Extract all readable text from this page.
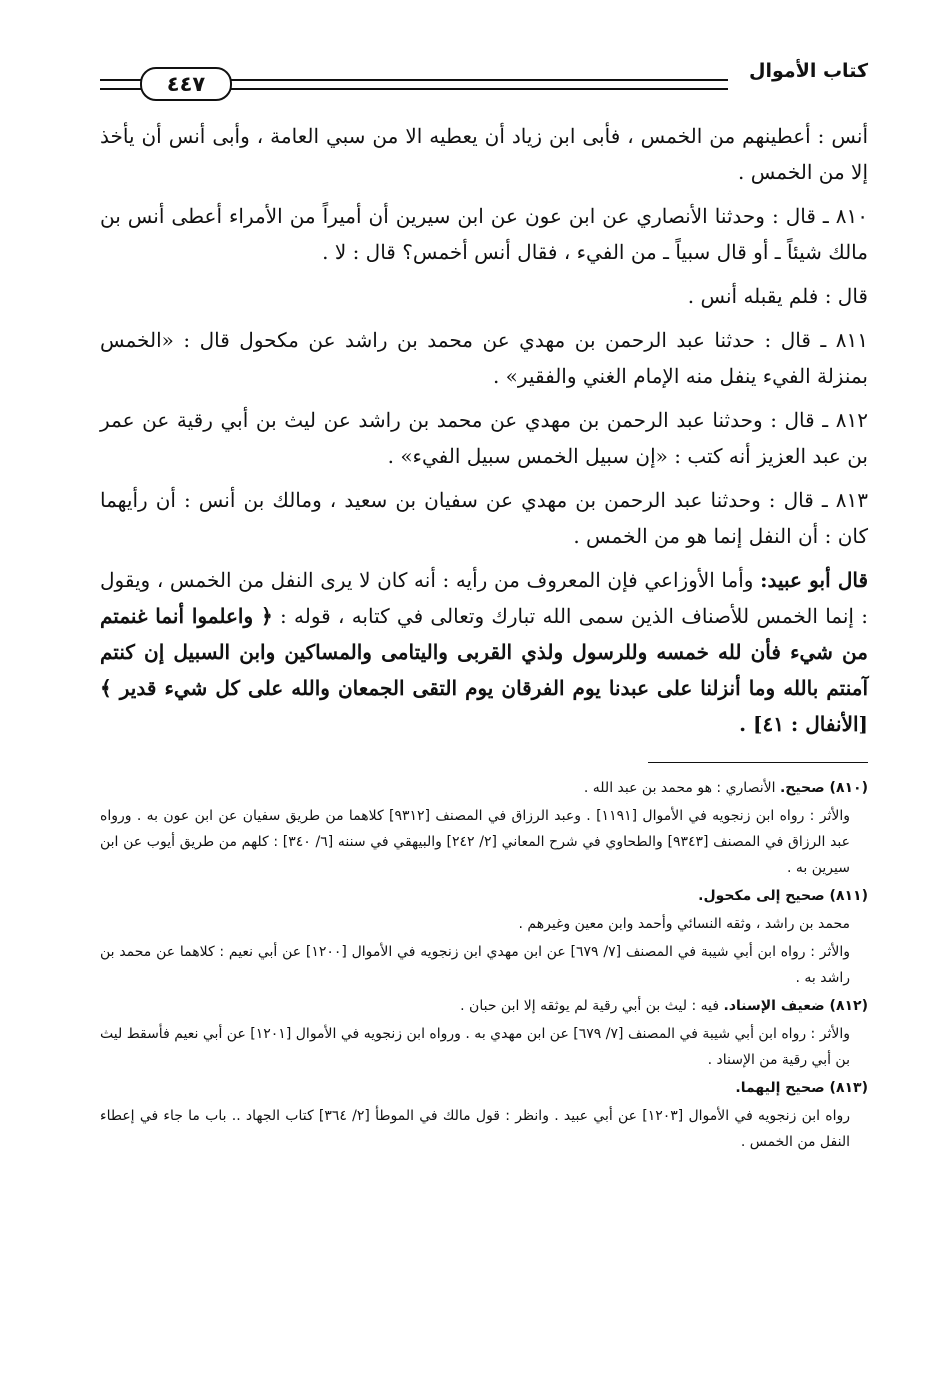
كتاب الأموال
٤٤٧

أنس : أعطينهم من الخمس ، فأبى ابن زياد أن يعطيه الا من سبي العامة ، وأبى أنس أن يأخذ إلا من الخمس .

٨١٠ ـ قال : وحدثنا الأنصاري عن ابن عون عن ابن سيرين أن أميراً من الأمراء أعطى أنس بن مالك شيئاً ـ أو قال سبياً ـ من الفيء ، فقال أنس أخمس؟ قال : لا .

قال : فلم يقبله أنس .

٨١١ ـ قال : حدثنا عبد الرحمن بن مهدي عن محمد بن راشد عن مكحول قال : «الخمس بمنزلة الفيء ينفل منه الإمام الغني والفقير» .

٨١٢ ـ قال : وحدثنا عبد الرحمن بن مهدي عن محمد بن راشد عن ليث بن أبي رقية عن عمر بن عبد العزيز أنه كتب : «إن سبيل الخمس سبيل الفيء» .

٨١٣ ـ قال : وحدثنا عبد الرحمن بن مهدي عن سفيان بن سعيد ، ومالك بن أنس : أن رأيهما كان : أن النفل إنما هو من الخمس .

قال أبو عبيد: وأما الأوزاعي فإن المعروف من رأيه : أنه كان لا يرى النفل من الخمس ، ويقول : إنما الخمس للأصناف الذين سمى الله تبارك وتعالى في كتابه ، قوله : ﴿ واعلموا أنما غنمتم من شيء فأن لله خمسه وللرسول ولذي القربى واليتامى والمساكين وابن السبيل إن كنتم آمنتم بالله وما أنزلنا على عبدنا يوم الفرقان يوم التقى الجمعان والله على كل شيء قدير ﴾ [الأنفال : ٤١] .

(٨١٠) صحيح. الأنصاري : هو محمد بن عبد الله .

والأثر : رواه ابن زنجويه في الأموال [١١٩١] . وعبد الرزاق في المصنف [٩٣١٢] كلاهما من طريق سفيان عن ابن عون به . ورواه عبد الرزاق في المصنف [٩٣٤٣] والطحاوي في شرح المعاني [٢/ ٢٤٢] والبيهقي في سننه [٦/ ٣٤٠] : كلهم من طريق أيوب عن ابن سيرين به .

(٨١١) صحيح إلى مكحول.

محمد بن راشد ، وثقه النسائي وأحمد وابن معين وغيرهم .

والأثر : رواه ابن أبي شيبة في المصنف [٧/ ٦٧٩] عن ابن مهدي ابن زنجويه في الأموال [١٢٠٠] عن أبي نعيم : كلاهما عن محمد بن راشد به .

(٨١٢) ضعيف الإسناد. فيه : ليث بن أبي رقية لم يوثقه إلا ابن حبان .

والأثر : رواه ابن أبي شيبة في المصنف [٧/ ٦٧٩] عن ابن مهدي به . ورواه ابن زنجويه في الأموال [١٢٠١] عن أبي نعيم فأسقط ليث بن أبي رقية من الإسناد .

(٨١٣) صحيح إليهما.

رواه ابن زنجويه في الأموال [١٢٠٣] عن أبي عبيد . وانظر : قول مالك في الموطأ [٢/ ٣٦٤] كتاب الجهاد .. باب ما جاء في إعطاء النفل من الخمس .
